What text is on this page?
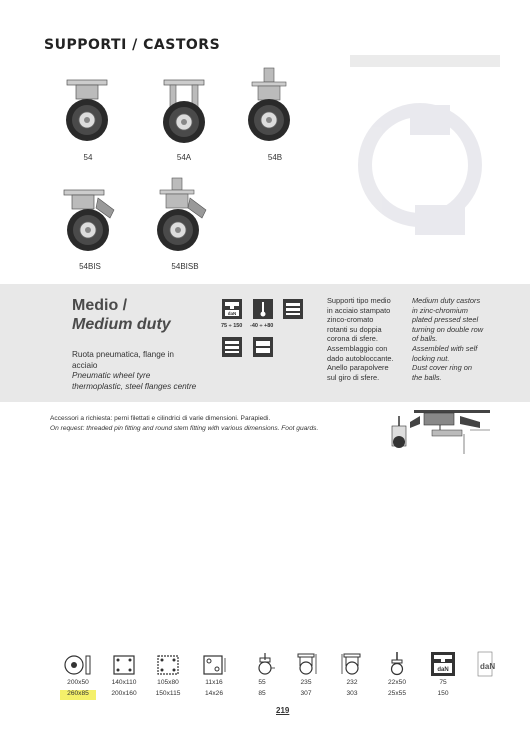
SUPPORTI / CASTORS
54	54A	54B
54BIS	54BISB
Medio /
Medium duty
Ruota pneumatica, flange in
acciaio
Pneumatic wheel tyre
thermoplastic, steel flanges centre
daN
75 ÷ 150 -40 ÷ +80
Supporti tipo medio
in acciaio stampato
zinco-cromato
rotanti su doppia
corona di sfere.
Assemblaggio con
dado autobloccante.
Anello parapolvere
sul giro di sfere.
Medium duty castors
in zinc-chromium
plated pressed steel
turning on double row
of balls.
Assembled with self
locking nut.
Dust cover ring on
the balls.
Accessori a richiesta: perni filettati e cilindrici di varie dimensioni. Parapiedi.
On request: threaded pin fitting and round stem fitting with various dimensions. Foot guards.
daN	daN
200x50	140x110	105x80	11x16	55	235	232	22x50	75
260x85	200x160	150x115	14x26	85	307	303	25x55	150
219
